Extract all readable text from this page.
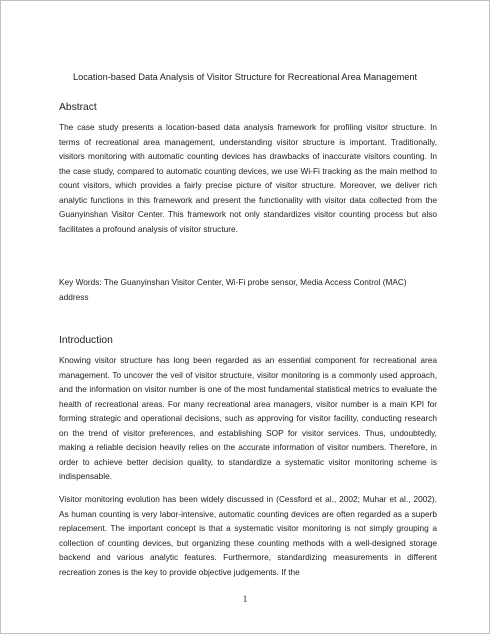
Location-based Data Analysis of Visitor Structure for Recreational Area Management
Abstract
The case study presents a location-based data analysis framework for profiling visitor structure. In terms of recreational area management, understanding visitor structure is important. Traditionally, visitors monitoring with automatic counting devices has drawbacks of inaccurate visitors counting. In the case study, compared to automatic counting devices, we use Wi-Fi tracking as the main method to count visitors, which provides a fairly precise picture of visitor structure. Moreover, we deliver rich analytic functions in this framework and present the functionality with visitor data collected from the Guanyinshan Visitor Center. This framework not only standardizes visitor counting process but also facilitates a profound analysis of visitor structure.
Key Words: The Guanyinshan Visitor Center, Wi-Fi probe sensor, Media Access Control (MAC) address
Introduction
Knowing visitor structure has long been regarded as an essential component for recreational area management. To uncover the veil of visitor structure, visitor monitoring is a commonly used approach, and the information on visitor number is one of the most fundamental statistical metrics to evaluate the health of recreational areas. For many recreational area managers, visitor number is a main KPI for forming strategic and operational decisions, such as approving for visitor facility, conducting research on the trend of visitor preferences, and establishing SOP for visitor services. Thus, undoubtedly, making a reliable decision heavily relies on the accurate information of visitor numbers. Therefore, in order to achieve better decision quality, to standardize a systematic visitor monitoring scheme is indispensable.
Visitor monitoring evolution has been widely discussed in (Cessford et al., 2002; Muhar et al., 2002). As human counting is very labor-intensive, automatic counting devices are often regarded as a superb replacement. The important concept is that a systematic visitor monitoring is not simply grouping a collection of counting devices, but organizing these counting methods with a well-designed storage backend and various analytic features. Furthermore, standardizing measurements in different recreation zones is the key to provide objective judgements. If the
1
